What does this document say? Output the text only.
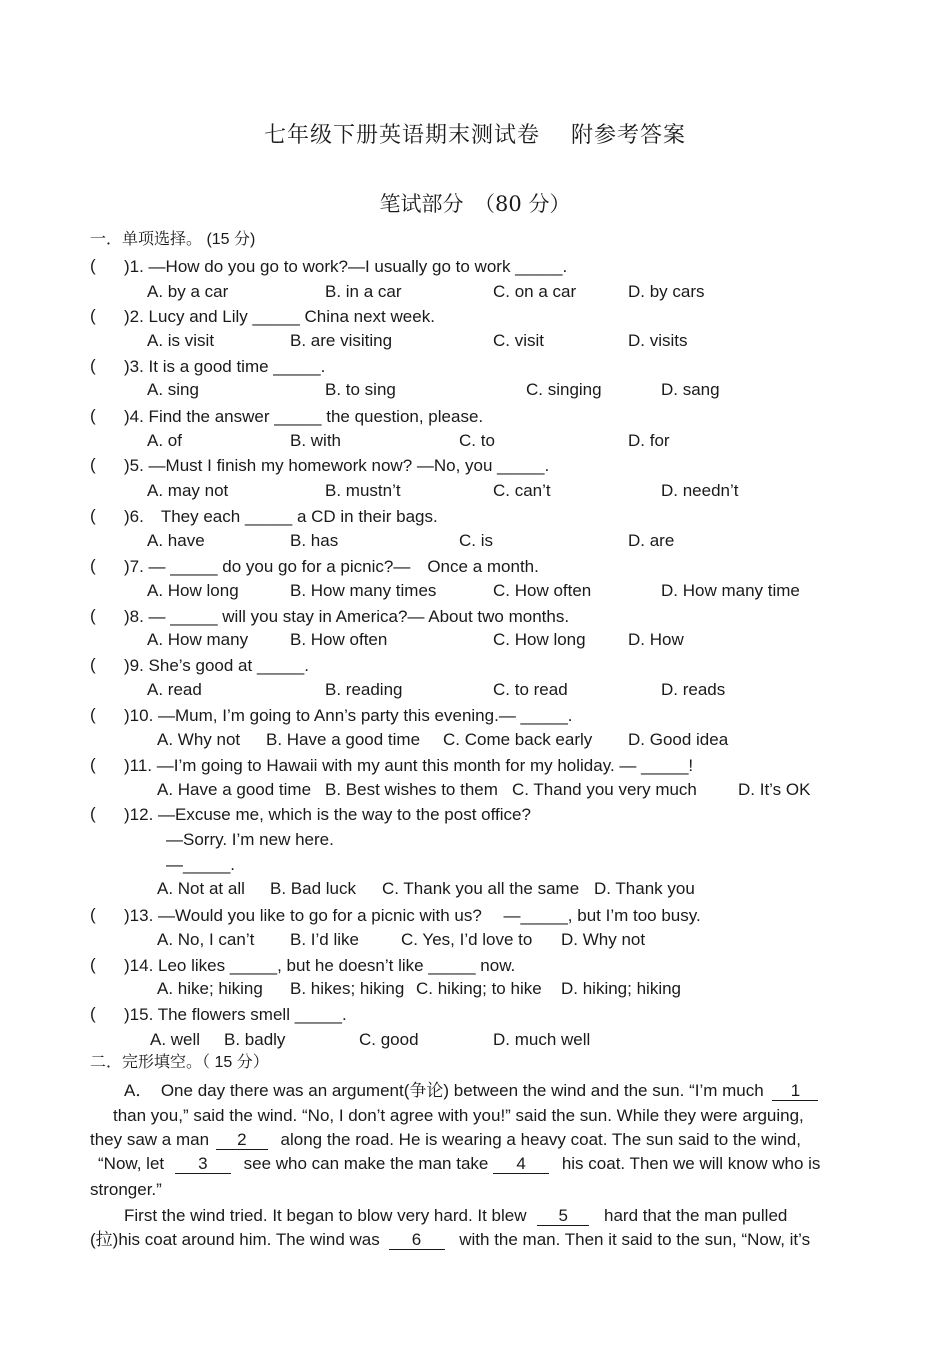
七年级下册英语期末测试卷　 附参考答案
笔试部分　（80 分）
一．单项选择。 (15 分)
( )1. —How do you go to work?—I usually go to work _____.
A. by a car	B. in a car	C. on a car	D. by cars
( )2. Lucy and Lily _____ China next week.
A. is visit	B. are visiting	C. visit	D. visits
( )3. It is a good time _____.
A. sing	B. to sing	C. singing	D. sang
( )4. Find the answer _____ the question, please.
A. of	B. with	C. to	D. for
( )5. —Must I finish my homework now? —No, you _____.
A. may not	B. mustn’t	C. can’t	D. needn’t
( )6.　They each _____ a CD in their bags.
A. have	B. has	C. is	D. are
( )7. — _____ do you go for a picnic?—　Once a month.
A. How long	B. How many times	C. How often	D. How many time
( )8. — _____ will you stay in America?— About two months.
A. How many B. How often	C. How long D. How
( )9. She’s good at _____.
A. read	B. reading	C. to read	D. reads
( )10. —Mum, I’m going to Ann’s party this evening.— _____.
A. Why not B. Have a good time C. Come back early D. Good idea
( )11. —I’m going to Hawaii with my aunt this month for my holiday. — _____!
A. Have a good time B. Best wishes to them C. Thand you very much D. It’s OK
( )12. —Excuse me, which is the way to the post office?
—Sorry. I’m new here.
—_____.
A. Not at all B. Bad luck C. Thank you all the same D. Thank you
( )13. —Would you like to go for a picnic with us?　 —_____, but I’m too busy.
A. No, I can’t B. I’d like C. Yes, I’d love to D. Why not
( )14. Leo likes _____, but he doesn’t like _____ now.
A. hike; hiking B. hikes; hiking C. hiking; to hike D. hiking; hiking
( )15. The flowers smell _____.
A. well B. badly	C. good	D. much well
二．完形填空。（ 15 分）
A．　One day there was an argument(争论) between the wind and the sun. “I’m much 1
than you,” said the wind. “No, I don’t agree with you!” said the sun. While they were arguing,
they saw a man 2 along the road. He is wearing a heavy coat. The sun said to the wind,
“Now, let 3 see who can make the man take 4 his coat. Then we will know who is
stronger.”
First the wind tried. It began to blow very hard. It blew 5 hard that the man pulled
(拉)his coat around him. The wind was 6 with the man. Then it said to the sun, “Now, it’s
